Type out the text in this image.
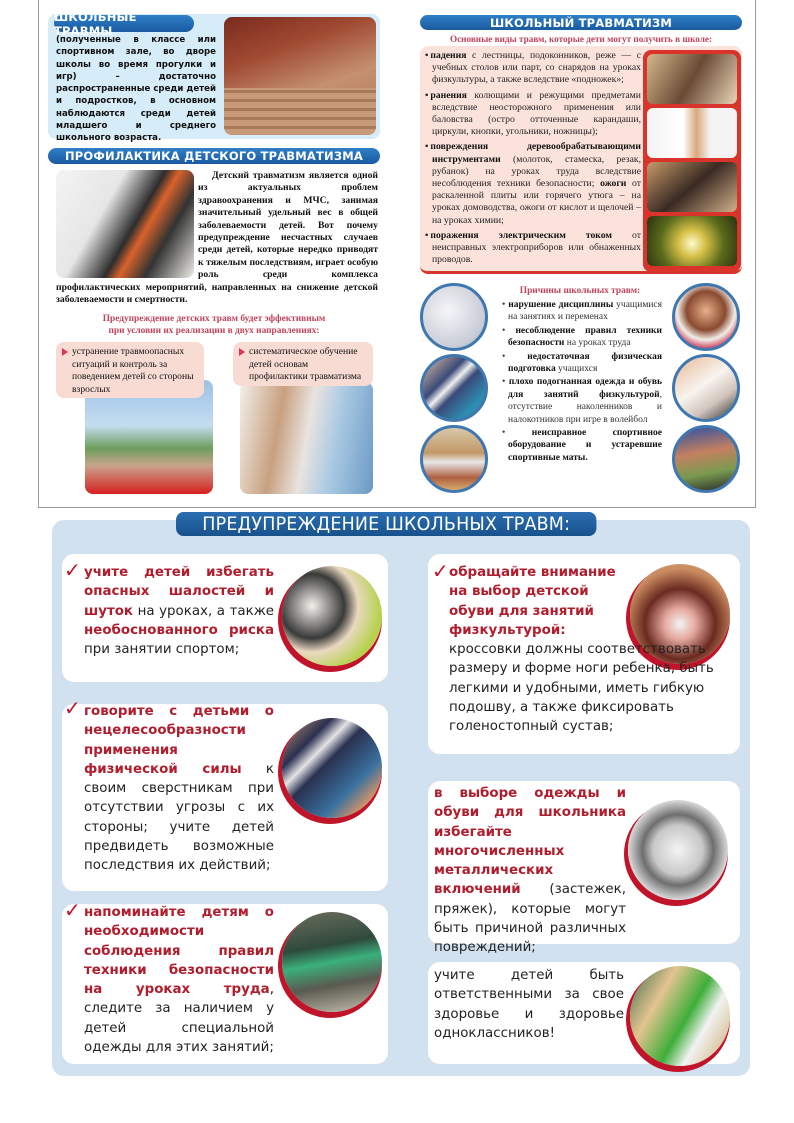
ШКОЛЬНЫЕ ТРАВМЫ
(полученные в классе или спортивном зале, во дворе школы во время прогулки и игр) – достаточно распространенные среди детей и подростков, в основном наблюдаются среди детей младшего и среднего школьного возраста.
ПРОФИЛАКТИКА ДЕТСКОГО ТРАВМАТИЗМА
Детский травматизм является одной из актуальных проблем здравоохранения и МЧС, занимая значительный удельный вес в общей заболеваемости детей. Вот почему предупреждение несчастных случаев среди детей, которые нередко приводят к тяжелым последствиям, играет особую роль среди комплекса профилактических мероприятий, направленных на снижение детской заболеваемости и смертности.
Предупреждение детских травм будет эффективным
при условии их реализации в двух направлениях:
устранение травмоопасных ситуаций и контроль за поведением детей со стороны взрослых
систематическое обучение детей основам профилактики травматизма
ШКОЛЬНЫЙ ТРАВМАТИЗМ
Основные виды травм, которые дети могут получить в школе:
• падения с лестницы, подоконников, реже — с учебных столов или парт, со снарядов на уроках физкультуры, а также вследствие «подножек»;
• ранения колющими и режущими предметами вследствие неосторожного применения или баловства (остро отточенные карандаши, циркули, кнопки, угольники, ножницы);
• повреждения деревообрабатывающими инструментами (молоток, стамеска, резак, рубанок) на уроках труда вследствие несоблюдения техники безопасности; ожоги от раскаленной плиты или горячего утюга – на уроках домоводства, ожоги от кислот и щелочей – на уроках химии;
• поражения электрическим током от неисправных электроприборов или обнаженных проводов.
Причины школьных травм:
• нарушение дисциплины учащимися на занятиях и переменах
• несоблюдение правил техники безопасности на уроках труда
• недостаточная физическая подготовка учащихся
• плохо подогнанная одежда и обувь для занятий физкультурой, отсутствие наколенников и налокотников при игре в волейбол
• неисправное спортивное оборудование и устаревшие спортивные маты.
ПРЕДУПРЕЖДЕНИЕ ШКОЛЬНЫХ ТРАВМ:
✓ учите детей избегать опасных шалостей и шуток на уроках, а также необоснованного риска при занятии спортом;
✓ говорите с детьми о нецелесообразности применения физической силы к своим сверстникам при отсутствии угрозы с их стороны; учите детей предвидеть возможные последствия их действий;
✓ напоминайте детям о необходимости соблюдения правил техники безопасности на уроках труда, следите за наличием у детей специальной одежды для этих занятий;
✓ обращайте внимание на выбор детской обуви для занятий физкультурой:
кроссовки должны соответствовать размеру и форме ноги ребенка, быть легкими и удобными, иметь гибкую подошву, а также фиксировать голеностопный сустав;
в выборе одежды и обуви для школьника избегайте многочисленных металлических включений (застежек, пряжек), которые могут быть причиной различных повреждений;
учите детей быть ответственными за свое здоровье и здоровье одноклассников!
